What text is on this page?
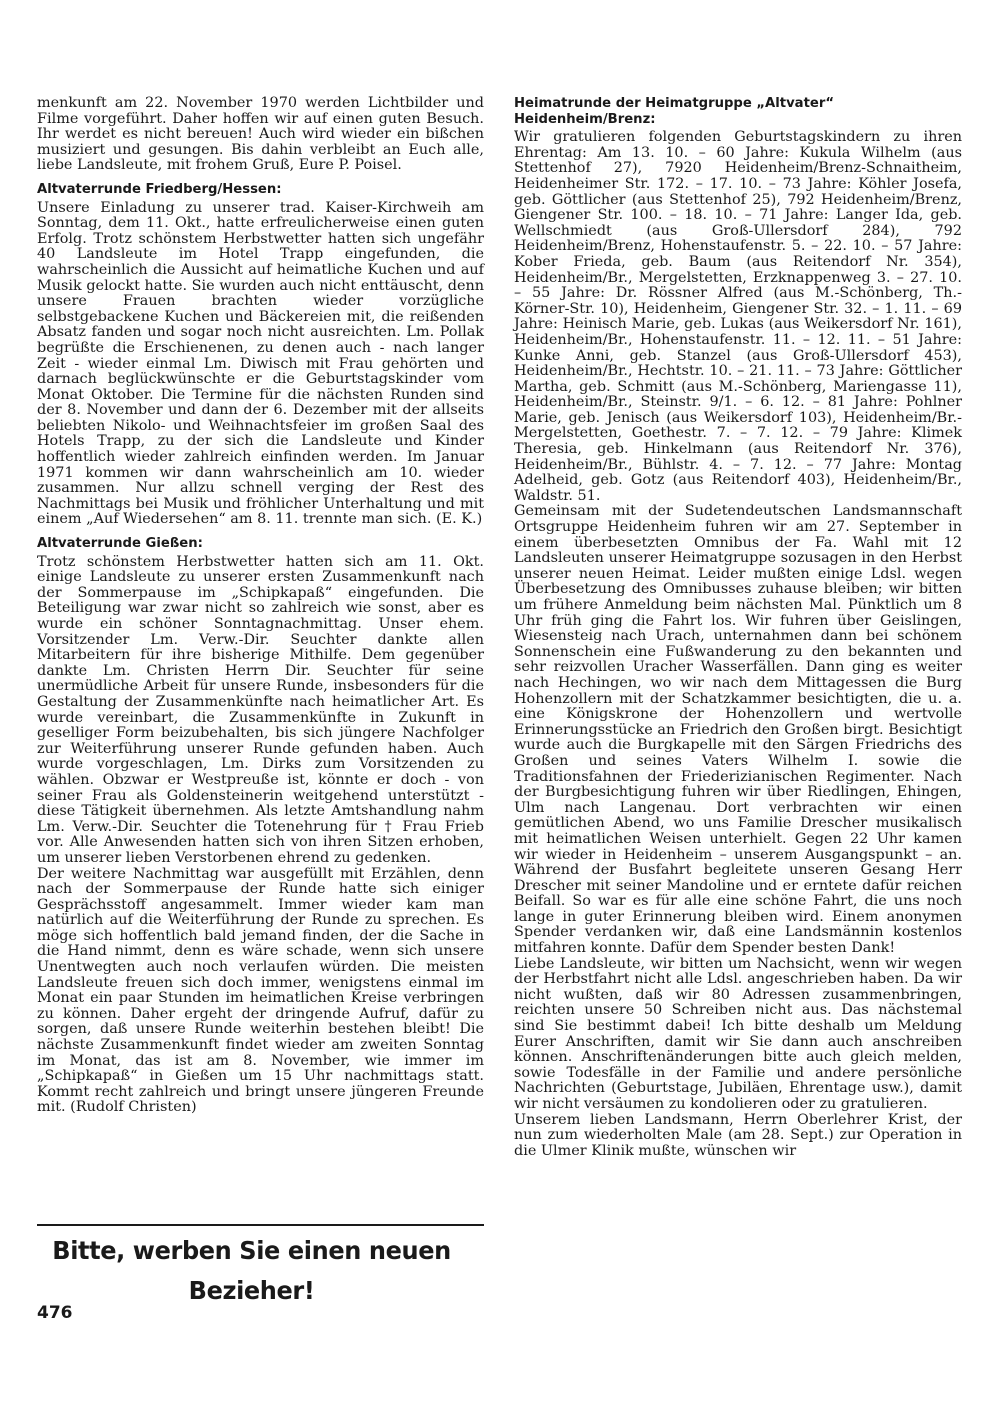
menkunft am 22. November 1970 werden Lichtbilder und Filme vorgeführt. Daher hoffen wir auf einen guten Besuch. Ihr werdet es nicht bereuen! Auch wird wieder ein bißchen musiziert und gesungen. Bis dahin verbleibt an Euch alle, liebe Landsleute, mit frohem Gruß, Eure P. Poisel.

Altvaterrunde Friedberg/Hessen:

Unsere Einladung zu unserer trad. Kaiser-Kirchweih am Sonntag, dem 11. Okt., hatte erfreulicherweise einen guten Erfolg. Trotz schönstem Herbstwetter hatten sich ungefähr 40 Landsleute im Hotel Trapp eingefunden, die wahrscheinlich die Aussicht auf heimatliche Kuchen und auf Musik gelockt hatte. Sie wurden auch nicht enttäuscht, denn unsere Frauen brachten wieder vorzügliche selbstgebackene Kuchen und Bäckereien mit, die reißenden Absatz fanden und sogar noch nicht ausreichten. Lm. Pollak begrüßte die Erschienenen, zu denen auch - nach langer Zeit - wieder einmal Lm. Diwisch mit Frau gehörten und darnach beglückwünschte er die Geburtstagskinder vom Monat Oktober. Die Termine für die nächsten Runden sind der 8. November und dann der 6. Dezember mit der allseits beliebten Nikolo- und Weihnachtsfeier im großen Saal des Hotels Trapp, zu der sich die Landsleute und Kinder hoffentlich wieder zahlreich einfinden werden. Im Januar 1971 kommen wir dann wahrscheinlich am 10. wieder zusammen. Nur allzu schnell verging der Rest des Nachmittags bei Musik und fröhlicher Unterhaltung und mit einem „Auf Wiedersehen“ am 8. 11. trennte man sich. (E. K.)

Altvaterrunde Gießen:

Trotz schönstem Herbstwetter hatten sich am 11. Okt. einige Landsleute zu unserer ersten Zusammenkunft nach der Sommerpause im „Schipkapaß“ eingefunden. Die Beteiligung war zwar nicht so zahlreich wie sonst, aber es wurde ein schöner Sonntagnachmittag. Unser ehem. Vorsitzender Lm. Verw.-Dir. Seuchter dankte allen Mitarbeitern für ihre bisherige Mithilfe. Dem gegenüber dankte Lm. Christen Herrn Dir. Seuchter für seine unermüdliche Arbeit für unsere Runde, insbesonders für die Gestaltung der Zusammenkünfte nach heimatlicher Art. Es wurde vereinbart, die Zusammenkünfte in Zukunft in geselliger Form beizubehalten, bis sich jüngere Nachfolger zur Weiterführung unserer Runde gefunden haben. Auch wurde vorgeschlagen, Lm. Dirks zum Vorsitzenden zu wählen. Obzwar er Westpreuße ist, könnte er doch - von seiner Frau als Goldensteinerin weitgehend unterstützt - diese Tätigkeit übernehmen. Als letzte Amtshandlung nahm Lm. Verw.-Dir. Seuchter die Totenehrung für † Frau Frieb vor. Alle Anwesenden hatten sich von ihren Sitzen erhoben, um unserer lieben Verstorbenen ehrend zu gedenken.

Der weitere Nachmittag war ausgefüllt mit Erzählen, denn nach der Sommerpause der Runde hatte sich einiger Gesprächsstoff angesammelt. Immer wieder kam man natürlich auf die Weiterführung der Runde zu sprechen. Es möge sich hoffentlich bald jemand finden, der die Sache in die Hand nimmt, denn es wäre schade, wenn sich unsere Unentwegten auch noch verlaufen würden. Die meisten Landsleute freuen sich doch immer, wenigstens einmal im Monat ein paar Stunden im heimatlichen Kreise verbringen zu können. Daher ergeht der dringende Aufruf, dafür zu sorgen, daß unsere Runde weiterhin bestehen bleibt! Die nächste Zusammenkunft findet wieder am zweiten Sonntag im Monat, das ist am 8. November, wie immer im „Schipkapaß“ in Gießen um 15 Uhr nachmittags statt. Kommt recht zahlreich und bringt unsere jüngeren Freunde mit. (Rudolf Christen)

Bitte, werben Sie einen neuen Bezieher!
476
Heimatrunde der Heimatgruppe „Altvater“ Heidenheim/Brenz:

Wir gratulieren folgenden Geburtstagskindern zu ihren Ehrentag: Am 13. 10. – 60 Jahre: Kukula Wilhelm (aus Stettenhof 27), 7920 Heidenheim/Brenz-Schnaitheim, Heidenheimer Str. 172. – 17. 10. – 73 Jahre: Köhler Josefa, geb. Göttlicher (aus Stettenhof 25), 792 Heidenheim/Brenz, Giengener Str. 100. – 18. 10. – 71 Jahre: Langer Ida, geb. Wellschmiedt (aus Groß-Ullersdorf 284), 792 Heidenheim/Brenz, Hohenstaufenstr. 5. – 22. 10. – 57 Jahre: Kober Frieda, geb. Baum (aus Reitendorf Nr. 354), Heidenheim/Br., Mergelstetten, Erzknappenweg 3. – 27. 10. – 55 Jahre: Dr. Rössner Alfred (aus M.-Schönberg, Th.-Körner-Str. 10), Heidenheim, Giengener Str. 32. – 1. 11. – 69 Jahre: Heinisch Marie, geb. Lukas (aus Weikersdorf Nr. 161), Heidenheim/Br., Hohenstaufenstr. 11. – 12. 11. – 51 Jahre: Kunke Anni, geb. Stanzel (aus Groß-Ullersdorf 453), Heidenheim/Br., Hechtstr. 10. – 21. 11. – 73 Jahre: Göttlicher Martha, geb. Schmitt (aus M.-Schönberg, Mariengasse 11), Heidenheim/Br., Steinstr. 9/1. – 6. 12. – 81 Jahre: Pohlner Marie, geb. Jenisch (aus Weikersdorf 103), Heidenheim/Br.-Mergelstetten, Goethestr. 7. – 7. 12. – 79 Jahre: Klimek Theresia, geb. Hinkelmann (aus Reitendorf Nr. 376), Heidenheim/Br., Bühlstr. 4. – 7. 12. – 77 Jahre: Montag Adelheid, geb. Gotz (aus Reitendorf 403), Heidenheim/Br., Waldstr. 51.

Gemeinsam mit der Sudetendeutschen Landsmannschaft Ortsgruppe Heidenheim fuhren wir am 27. September in einem überbesetzten Omnibus der Fa. Wahl mit 12 Landsleuten unserer Heimatgruppe sozusagen in den Herbst unserer neuen Heimat. Leider mußten einige Ldsl. wegen Überbesetzung des Omnibusses zuhause bleiben; wir bitten um frühere Anmeldung beim nächsten Mal. Pünktlich um 8 Uhr früh ging die Fahrt los. Wir fuhren über Geislingen, Wiesensteig nach Urach, unternahmen dann bei schönem Sonnenschein eine Fußwanderung zu den bekannten und sehr reizvollen Uracher Wasserfällen. Dann ging es weiter nach Hechingen, wo wir nach dem Mittagessen die Burg Hohenzollern mit der Schatzkammer besichtigten, die u. a. eine Königskrone der Hohenzollern und wertvolle Erinnerungsstücke an Friedrich den Großen birgt. Besichtigt wurde auch die Burgkapelle mit den Särgen Friedrichs des Großen und seines Vaters Wilhelm I. sowie die Traditionsfahnen der Friederizianischen Regimenter. Nach der Burgbesichtigung fuhren wir über Riedlingen, Ehingen, Ulm nach Langenau. Dort verbrachten wir einen gemütlichen Abend, wo uns Familie Drescher musikalisch mit heimatlichen Weisen unterhielt. Gegen 22 Uhr kamen wir wieder in Heidenheim – unserem Ausgangspunkt – an. Während der Busfahrt begleitete unseren Gesang Herr Drescher mit seiner Mandoline und er erntete dafür reichen Beifall. So war es für alle eine schöne Fahrt, die uns noch lange in guter Erinnerung bleiben wird. Einem anonymen Spender verdanken wir, daß eine Landsmännin kostenlos mitfahren konnte. Dafür dem Spender besten Dank!

Liebe Landsleute, wir bitten um Nachsicht, wenn wir wegen der Herbstfahrt nicht alle Ldsl. angeschrieben haben. Da wir nicht wußten, daß wir 80 Adressen zusammenbringen, reichten unsere 50 Schreiben nicht aus. Das nächstemal sind Sie bestimmt dabei! Ich bitte deshalb um Meldung Eurer Anschriften, damit wir Sie dann auch anschreiben können. Anschriftenänderungen bitte auch gleich melden, sowie Todesfälle in der Familie und andere persönliche Nachrichten (Geburtstage, Jubiläen, Ehrentage usw.), damit wir nicht versäumen zu kondolieren oder zu gratulieren.

Unserem lieben Landsmann, Herrn Oberlehrer Krist, der nun zum wiederholten Male (am 28. Sept.) zur Operation in die Ulmer Klinik mußte, wünschen wir
